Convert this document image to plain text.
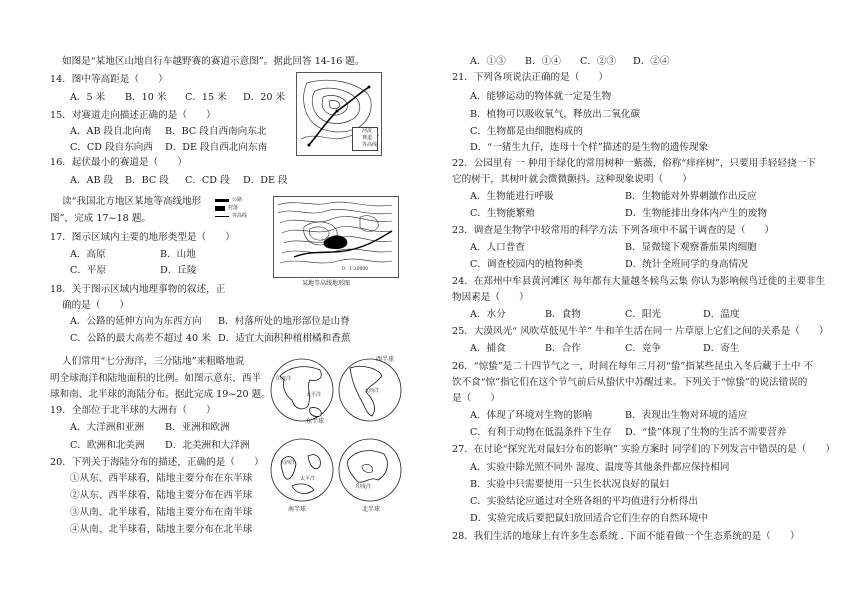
如图是“某地区山地自行车越野赛的赛道示意图”。据此回答 14-16 题。
14．图中等高距是（　　）
A．5 米 B．10 米 C．15 米 D．20 米
15．对赛道走向描述正确的是（　　）
A．AB 段自北向南 B．BC 段自西南向东北
C．CD 段自东向西 D．DE 段自西北向东南
16．起伏最小的赛道是（　　）
A．AB 段 B．BC 段 C．CD 段 D．DE 段
读“我国北方地区某地等高线地形
图”，完成 17~18 题。
17．图示区域内主要的地形类型是（　　）
A．高原	B．山地
C．平原	D．丘陵
18．关于图示区域内地理事物的叙述，正
确的是（　　）
A．公路的延伸方向为东西方向 B．村落所处的地形部位是山脊
C．公路的最大高差不超过 40 米 D．适宜大面积种植柑橘和香蕉
人们常用“七分海洋，三分陆地”来粗略地说
明全球海洋和陆地面积的比例。如图示意东、西半
球和南、北半球的海陆分布。据此完成 19~20 题。
19．全部位于北半球的大洲有（　　）
A．大洋洲和亚洲 B．亚洲和欧洲
C．欧洲和北美洲 D．北美洲和大洋洲
20．下列关于海陆分布的描述，正确的是（　　）
①从东、西半球看，陆地主要分布在东半球
②从东、西半球看，陆地主要分布在西半球
③从南、北半球看，陆地主要分布在南半球
④从南、北半球看，陆地主要分布在北半球
河流
赛道
等高线
公路
村落
等高线
0　1:20000
某地等高线地形图
印度洋
太平洋
大西洋
大西洋
太平洋
印度洋
东半球
西半球
南半球	北半球
A．①③ B．①④ C．②③ D．②④
21．下列各项说法正确的是（　　）
A．能够运动的物体就一定是生物
B．植物可以吸收氧气，释放出二氧化碳
C．生物都是由细胞构成的
D．“一猪生九仔，连母十个样”描述的是生物的遗传现象
22．公园里有 一 种用于绿化的常用树种一紫薇，俗称“痒痒树”，只要用手轻轻挠一下
它的树干，其树叶就会微微颤抖。这种现象说明（　　）
A．生物能进行呼吸	B．生物能对外界刺激作出反应
C．生物能繁殖	D．生物能排出身体内产生的废物
23．调查是生物学中较常用的科学方法 下列各项中不属于调查的是（　　）
A．人口普查	B．显微镜下观察番茄果肉细胞
C．调查校园内的植物种类	D．统计全班同学的身高情况
24．在郑州中牟县黄河滩区 每年都有大量越冬候鸟云集 你认为影响候鸟迁徙的主要非生
物因素是（　　）
A．水分	B．食物	C．阳光	D．温度
25．大漠风光“ 风吹草低见牛羊” 牛和羊生活在同一 片草原上它们之间的关系是（　　）
A．捕食	B．合作	C．竞争	D．寄生
26．“惊蛰”是二十四节气之一，时间在每年三月初“蛰”指某些昆虫入冬后藏于土中 不
饮不食“惊”指它们在这个节气前后从蛰伏中苏醒过来。下列关于“惊蛰”的说法错误的
是（　　）
A．体现了环境对生物的影响	B．表现出生物对环境的适应
C．有利于动物在低温条件下生存 D．“蛰”体现了生物的生活不需要营养
27．在讨论“探究光对鼠妇分布的影响” 实验方案时 同学们的下列发言中错误的是（　　）
A．实验中除光照不同外 湿度、温度等其他条件都应保持相同
B．实验中只需要使用一只生长状况良好的鼠妇
C．实验结论应通过对全班各组的平均值进行分析得出
D．实验完成后要把鼠妇放回适合它们生存的自然环境中
28．我们生活的地球上有许多生态系统 . 下面不能看做一个生态系统的是（　　）
